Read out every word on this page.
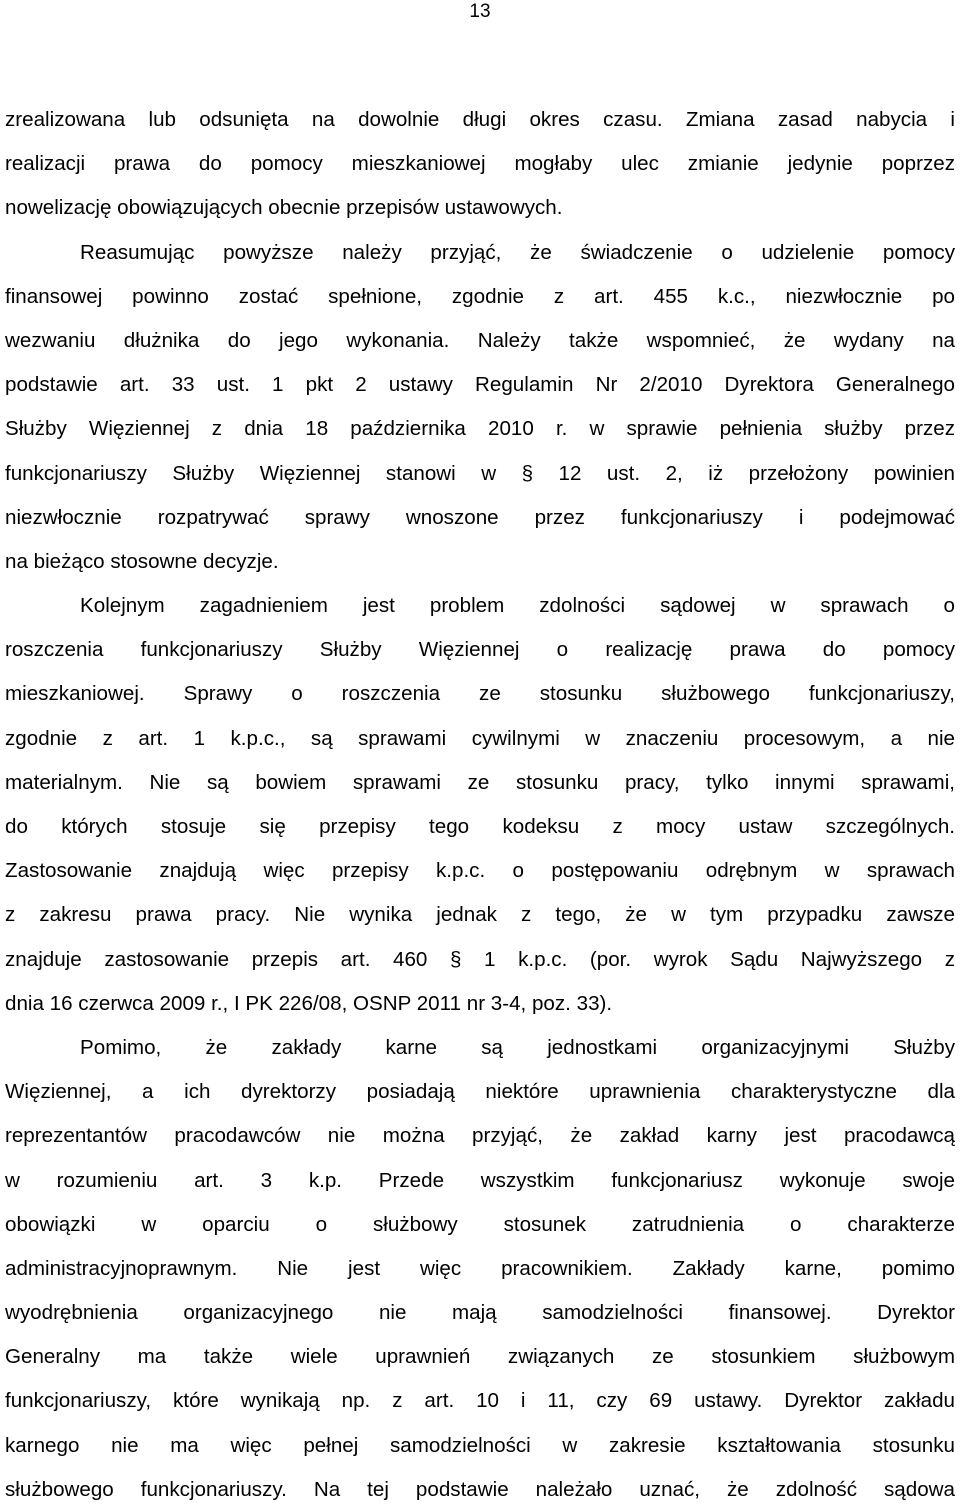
13
zrealizowana lub odsunięta na dowolnie długi okres czasu. Zmiana zasad nabycia i
realizacji prawa do pomocy mieszkaniowej mogłaby ulec zmianie jedynie poprzez
nowelizację obowiązujących obecnie przepisów ustawowych.
Reasumując powyższe należy przyjąć, że świadczenie o udzielenie pomocy
finansowej powinno zostać spełnione, zgodnie z art. 455 k.c., niezwłocznie po
wezwaniu dłużnika do jego wykonania. Należy także wspomnieć, że wydany na
podstawie art. 33 ust. 1 pkt 2 ustawy Regulamin Nr 2/2010 Dyrektora Generalnego
Służby Więziennej z dnia 18 października 2010 r. w sprawie pełnienia służby przez
funkcjonariuszy Służby Więziennej stanowi w § 12 ust. 2, iż przełożony powinien
niezwłocznie rozpatrywać sprawy wnoszone przez funkcjonariuszy i podejmować
na bieżąco stosowne decyzje.
Kolejnym zagadnieniem jest problem zdolności sądowej w sprawach o
roszczenia funkcjonariuszy Służby Więziennej o realizację prawa do pomocy
mieszkaniowej. Sprawy o roszczenia ze stosunku służbowego funkcjonariuszy,
zgodnie z art. 1 k.p.c., są sprawami cywilnymi w znaczeniu procesowym, a nie
materialnym. Nie są bowiem sprawami ze stosunku pracy, tylko innymi sprawami,
do których stosuje się przepisy tego kodeksu z mocy ustaw szczególnych.
Zastosowanie znajdują więc przepisy k.p.c. o postępowaniu odrębnym w sprawach
z zakresu prawa pracy. Nie wynika jednak z tego, że w tym przypadku zawsze
znajduje zastosowanie przepis art. 460 § 1 k.p.c. (por. wyrok Sądu Najwyższego z
dnia 16 czerwca 2009 r., I PK 226/08, OSNP 2011 nr 3-4, poz. 33).
Pomimo, że zakłady karne są jednostkami organizacyjnymi Służby
Więziennej, a ich dyrektorzy posiadają niektóre uprawnienia charakterystyczne dla
reprezentantów pracodawców nie można przyjąć, że zakład karny jest pracodawcą
w rozumieniu art. 3 k.p. Przede wszystkim funkcjonariusz wykonuje swoje
obowiązki w oparciu o służbowy stosunek zatrudnienia o charakterze
administracyjnoprawnym. Nie jest więc pracownikiem. Zakłady karne, pomimo
wyodrębnienia organizacyjnego nie mają samodzielności finansowej. Dyrektor
Generalny ma także wiele uprawnień związanych ze stosunkiem służbowym
funkcjonariuszy, które wynikają np. z art. 10 i 11, czy 69 ustawy. Dyrektor zakładu
karnego nie ma więc pełnej samodzielności w zakresie kształtowania stosunku
służbowego funkcjonariuszy. Na tej podstawie należało uznać, że zdolność sądowa
